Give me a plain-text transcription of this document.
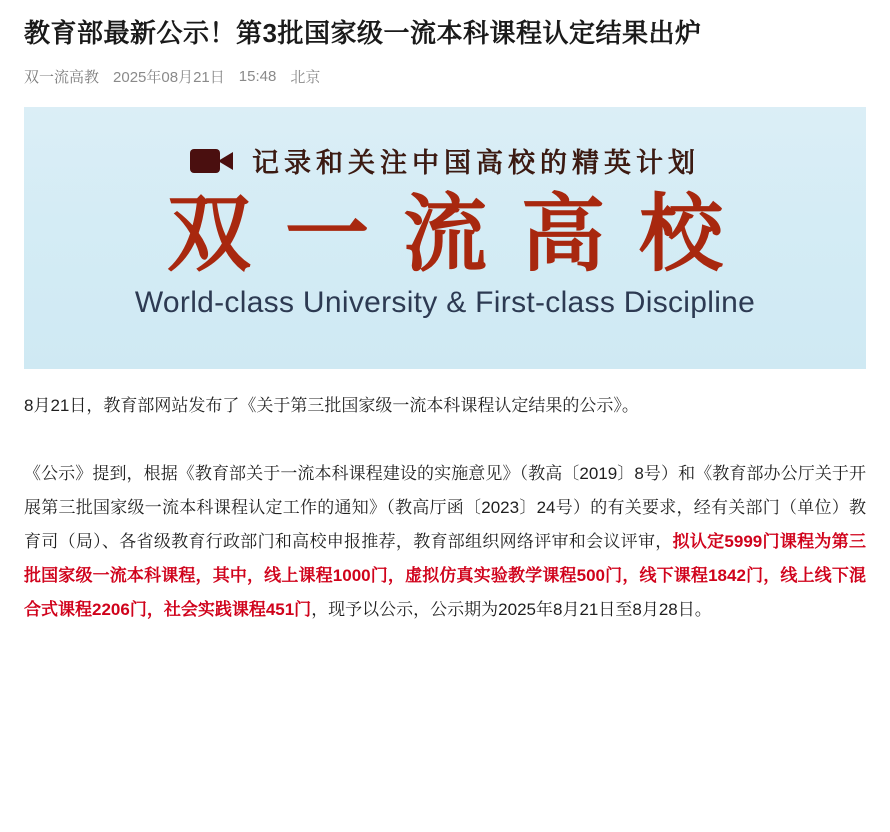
教育部最新公示！第3批国家级一流本科课程认定结果出炉
双一流高教 2025年08月21日 15:48 北京
记录和关注中国高校的精英计划
双一流高校
World-class University & First-class Discipline

8月21日，教育部网站发布了《关于第三批国家级一流本科课程认定结果的公示》。

《公示》提到，根据《教育部关于一流本科课程建设的实施意见》（教高〔2019〕8号）和《教育部办公厅关于开展第三批国家级一流本科课程认定工作的通知》（教高厅函〔2023〕24号）的有关要求，经有关部门（单位）教育司（局）、各省级教育行政部门和高校申报推荐，教育部组织网络评审和会议评审，拟认定5999门课程为第三批国家级一流本科课程，其中，线上课程1000门，虚拟仿真实验教学课程500门，线下课程1842门，线上线下混合式课程2206门，社会实践课程451门，现予以公示，公示期为2025年8月21日至8月28日。
